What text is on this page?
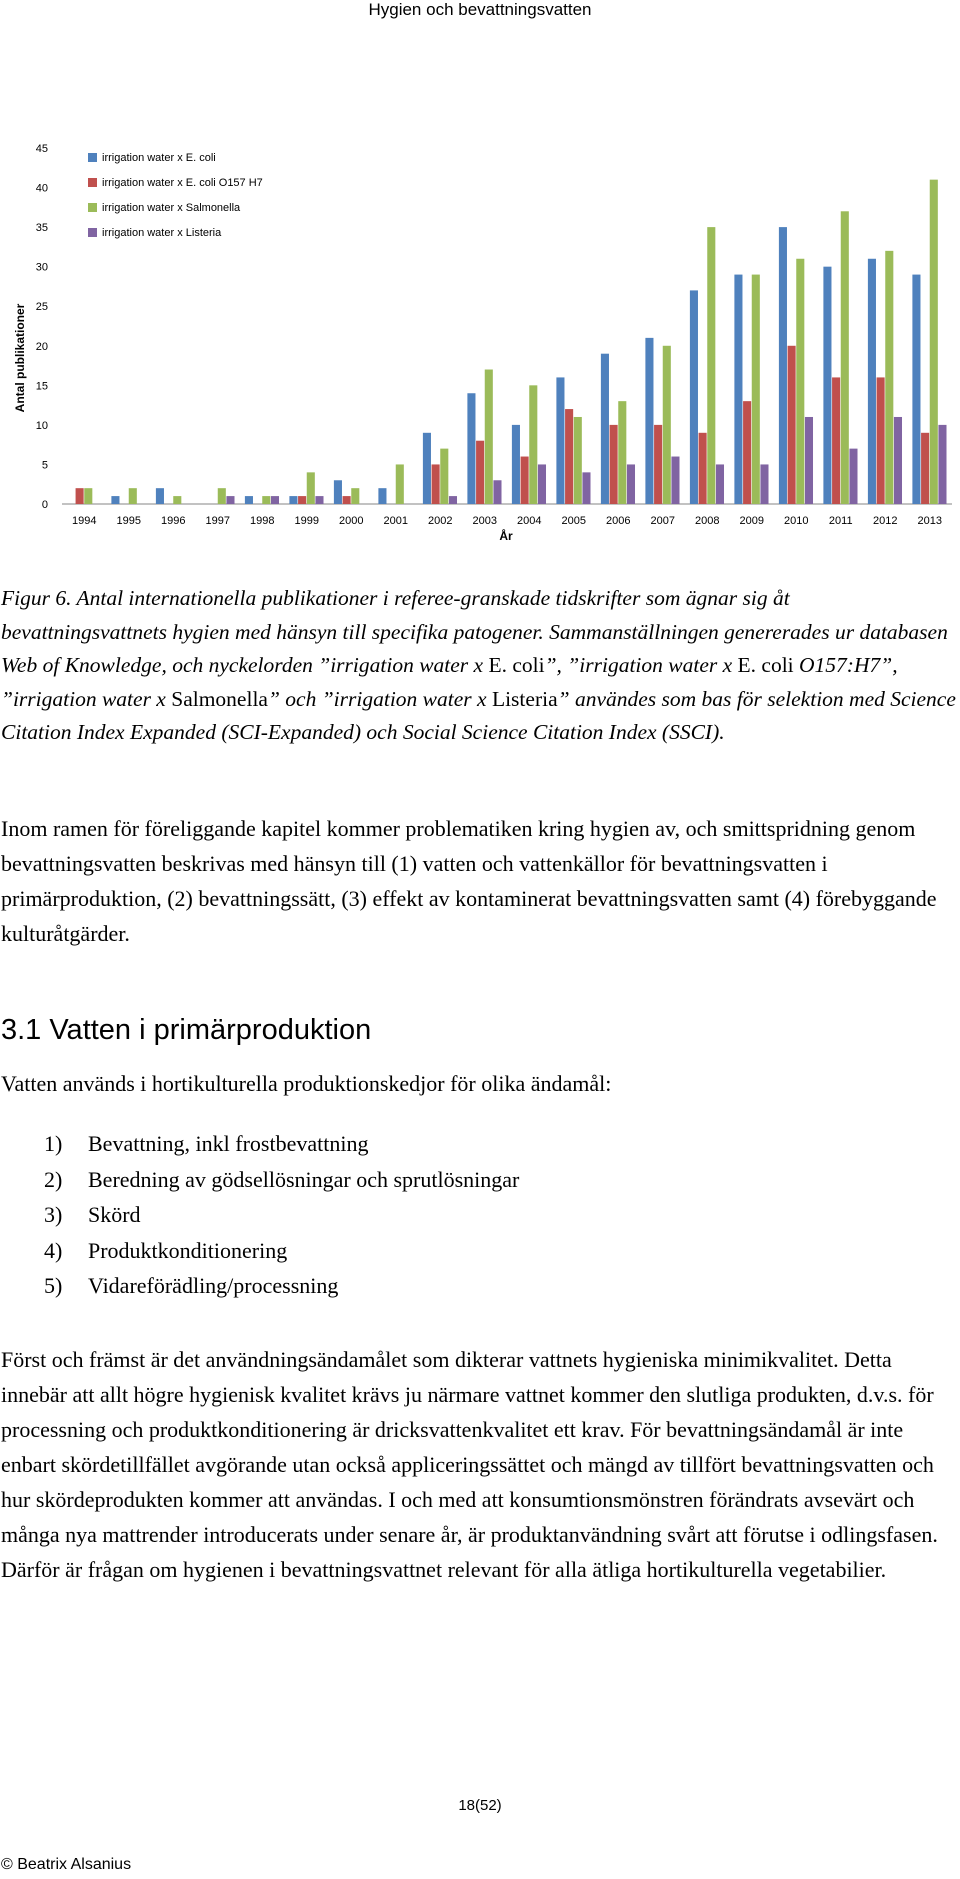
Hygien och bevattningsvatten
Antal publikationer
0
5
10
15
20
25
30
35
40
45
1994 1995 1996 1997 1998 1999 2000 2001 2002 2003 2004 2005 2006 2007 2008 2009 2010 2011 2012 2013
År
irrigation water x E. coli
irrigation water x E. coli O157 H7
irrigation water x Salmonella
irrigation water x Listeria
Figur 6. Antal internationella publikationer i referee-granskade tidskrifter som ägnar sig åt bevattningsvattnets hygien med hänsyn till specifika patogener. Sammanställningen genererades ur databasen Web of Knowledge, och nyckelorden ”irrigation water x E. coli”, ”irrigation water x E. coli O157:H7”, ”irrigation water x Salmonella” och ”irrigation water x Listeria” användes som bas för selektion med Science Citation Index Expanded (SCI-Expanded) och Social Science Citation Index (SSCI).
Inom ramen för föreliggande kapitel kommer problematiken kring hygien av, och smittspridning genom bevattningsvatten beskrivas med hänsyn till (1) vatten och vattenkällor för bevattningsvatten i primärproduktion, (2) bevattningssätt, (3) effekt av kontaminerat bevattningsvatten samt (4) förebyggande kulturåtgärder.
3.1 Vatten i primärproduktion
Vatten används i hortikulturella produktionskedjor för olika ändamål:
1)	Bevattning, inkl frostbevattning
2)	Beredning av gödsellösningar och sprutlösningar
3)	Skörd
4)	Produktkonditionering
5)	Vidareförädling/processning
Först och främst är det användningsändamålet som dikterar vattnets hygieniska minimikvalitet. Detta innebär att allt högre hygienisk kvalitet krävs ju närmare vattnet kommer den slutliga produkten, d.v.s. för processning och produktkonditionering är dricksvattenkvalitet ett krav. För bevattningsändamål är inte enbart skördetillfället avgörande utan också appliceringssättet och mängd av tillfört bevattningsvatten och hur skördeprodukten kommer att användas. I och med att konsumtionsmönstren förändrats avsevärt och många nya mattrender introducerats under senare år, är produktanvändning svårt att förutse i odlingsfasen. Därför är frågan om hygienen i bevattningsvattnet relevant för alla ätliga hortikulturella vegetabilier.
18(52)
© Beatrix Alsanius
